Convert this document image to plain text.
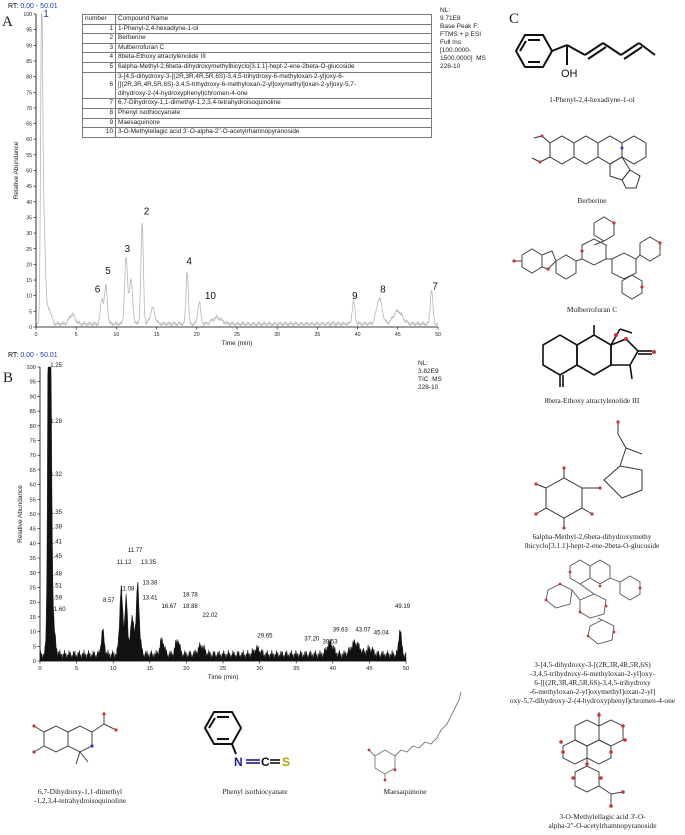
A
B
C
RT: 0.00 - 50.01
NL:
9.71E8
Base Peak F:
FTMS + p ESI
Full ms
[100.0000-
1500.0000]  MS
228-10
0
5
10
15
20
25
30
35
40
45
50
55
60
65
70
75
80
85
90
95
100
0	5	10	15	20	25	30	35	40	45	50
Time (min)
Relative Abundance
1
2
3
4
5
6	7
8
9
10
number	Compound Name
1	1-Phenyl-2,4-hexadiyne-1-ol
2	Berberine
3	Mulberrofuran C
4	8beta-Ethoxy atractylenolide III
5	6alpha-Methyl-2,6beta-dihydroxymethylbicyclo[3.1.1]-hept-2-ene-2beta-O-glucoside
6	3-[4,5-dihydroxy-3-[(2R,3R,4R,5R,6S)-3,4,5-trihydroxy-6-methyloxan-2-yl]oxy-6-
[[(2R,3R,4R,5R,6S)-3,4,5-trihydroxy-6-methyloxan-2-yl]oxymethyl]oxan-2-yl]oxy-5,7-
dihydroxy-2-(4-hydroxyphenyl)chromen-4-one

7	6,7-Dihydroxy-1,1-dimethyl-1,2,3,4-tetrahydroisoquinoline
8	Phenyl isothiocyanate
9	Maesaquinone
10	3-O-Methylellagic acid 3'-O-alpha-2"-O-acetylrhamnopyranoside
RT: 0.00 - 50.01
NL:
3.82E9
TIC  MS
228-10
0
5
10
15
20
25
30
35
40
45
50
55
60
65
70
75
80
85
90
95
100
0	5	10	15	20	25	30	35	40	45	50
Time (min)
Relative Abundance
1.25
1.28
1.32
1.35
1.38
1.41
1.45
1.48
1.51
1.59
1.60
8.57
11.08
11.12
11.77
13.35
13.38
13.41
16.67
18.78
18.88
22.02
29.65	37.20 39.53
39.63 43.07 45.04
49.19
OH
1-Phenyl-2,4-hexadiyne-1-ol
Berberine
Mulberrofuran C
8beta-Ethoxy atractylenolide III
6alpha-Methyl-2,6beta-dihydroxymethy
lbicyclo[3.1.1]-hept-2-ene-2beta-O-glucoside
3-[4,5-dihydroxy-3-[(2R,3R,4R,5R,6S)
-3,4,5-trihydroxy-6-methyloxan-2-yl]oxy-
6-[[(2R,3R,4R,5R,6S)-3,4,5-trihydroxy
-6-methyloxan-2-yl]oxymethyl]oxan-2-yl]
oxy-5,7-dihydroxy-2-(4-hydroxyphenyl)chromen-4-one
3-O-Methylellagic acid 3'-O-
alpha-2"-O-acetylrhamnopyranoside
6,7-Dihydroxy-1,1-dimethyl
-1,2,3,4-tetrahydroisoquinoline
N C S
Phenyl isothiocyanate	Maesaquinone
